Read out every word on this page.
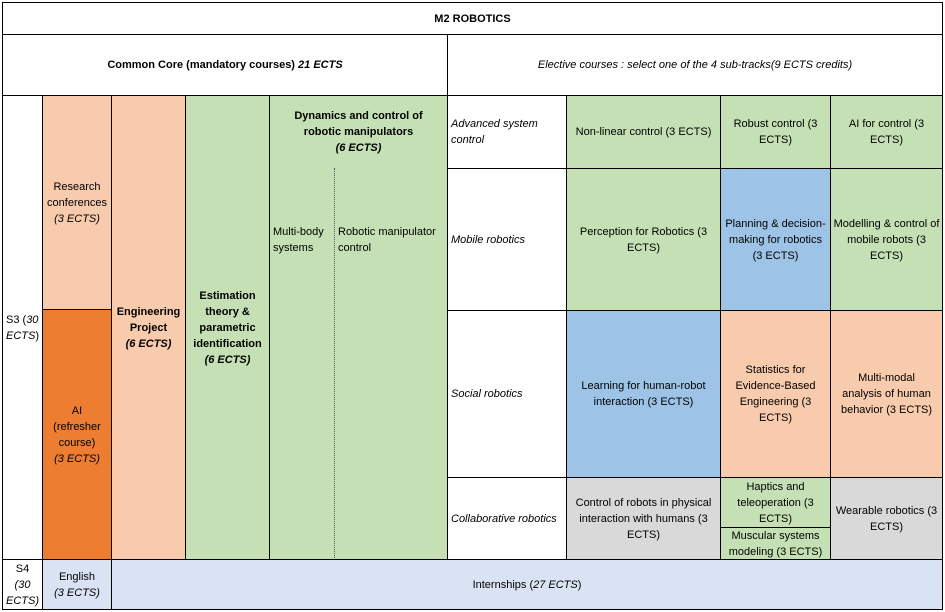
M2 ROBOTICS
Common Core (mandatory courses) 21 ECTS	Elective courses : select one of the 4 sub-tracks(9 ECTS credits)
S3 (30 ECTS)
Research conferences
(3 ECTS)
AI (refresher course)
(3 ECTS)
Engineering Project
(6 ECTS)
Estimation theory & parametric identification
(6 ECTS)
Dynamics and control of robotic manipulators
(6 ECTS)
Multi-body systems
Robotic manipulator control
Advanced system control
Non-linear control (3 ECTS)
Robust control (3 ECTS)
AI for control (3 ECTS)
Mobile robotics
Perception for Robotics (3 ECTS)
Planning & decision-making for robotics (3 ECTS)
Modelling & control of mobile robots (3 ECTS)
Social robotics
Learning for human-robot interaction (3 ECTS)
Statistics for Evidence-Based Engineering (3 ECTS)
Multi-modal analysis of human behavior (3 ECTS)
Collaborative robotics
Control of robots in physical interaction with humans (3 ECTS)
Haptics and teleoperation (3 ECTS)
Muscular systems modeling (3 ECTS)
Wearable robotics (3 ECTS)
S4
(30 ECTS)
English
(3 ECTS)
Internships (27 ECTS)
